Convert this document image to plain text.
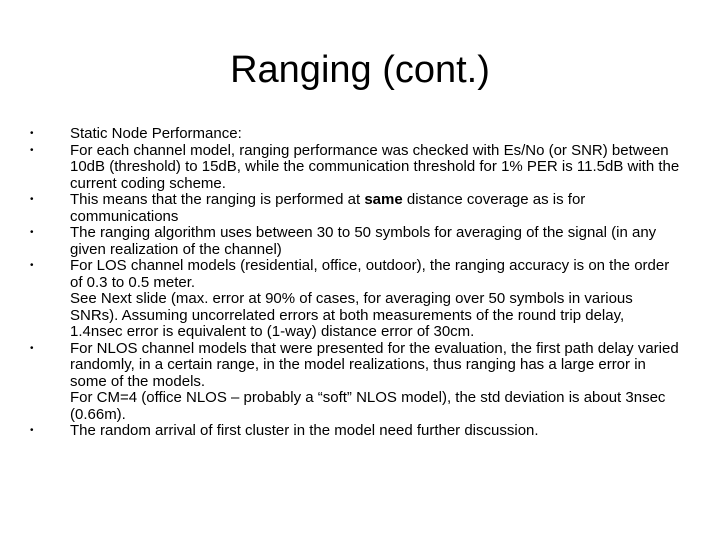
Ranging (cont.)
• Static Node Performance:
• For each channel model, ranging performance was checked with Es/No (or SNR) between 10dB (threshold) to 15dB, while the communication threshold for 1% PER is 11.5dB with the current coding scheme.
• This means that the ranging is performed at same distance coverage as is for communications
• The ranging algorithm uses between 30 to 50 symbols for averaging of the signal (in any given realization of the channel)
• For LOS channel models (residential, office, outdoor), the ranging accuracy is on the order of 0.3 to 0.5 meter.
See Next slide (max. error at 90% of cases, for averaging over 50 symbols in various SNRs). Assuming uncorrelated errors at both measurements of the round trip delay, 1.4nsec error is equivalent to (1-way) distance error of 30cm.
• For NLOS channel models that were presented for the evaluation, the first path delay varied randomly, in a certain range, in the model realizations, thus ranging has a large error in some of the models.
For CM=4 (office NLOS – probably a “soft” NLOS model), the std deviation is about 3nsec (0.66m).
• The random arrival of first cluster in the model need further discussion.
